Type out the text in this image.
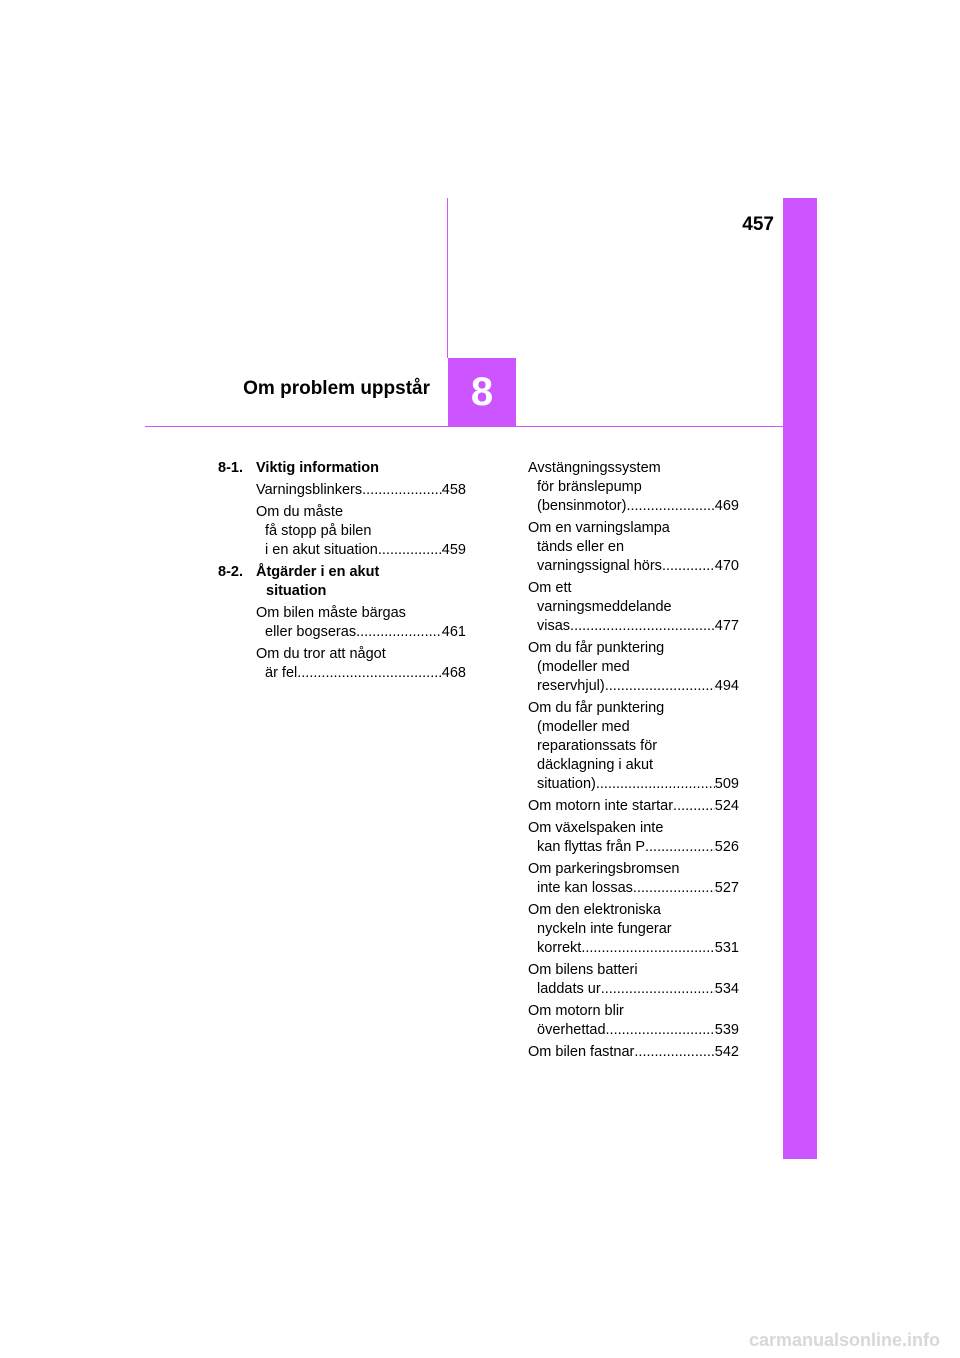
457
8
Om problem uppstår
8-1. Viktig information
Varningsblinkers .....	458
Om du måste
få stopp på bilen
i en akut situation .....	459
8-2. Åtgärder i en akut
situation
Om bilen måste bärgas
eller bogseras .....	461
Om du tror att något
är fel .....	468
Avstängningssystem
för bränslepump
(bensinmotor) .....	469
Om en varningslampa
tänds eller en
varningssignal hörs .....	470
Om ett
varningsmeddelande
visas .....	477
Om du får punktering
(modeller med
reservhjul) .....	494
Om du får punktering
(modeller med
reparationssats för
däcklagning i akut
situation) .....	509
Om motorn inte startar .....	524
Om växelspaken inte
kan flyttas från P .....	526
Om parkeringsbromsen
inte kan lossas .....	527
Om den elektroniska
nyckeln inte fungerar
korrekt. .....	531
Om bilens batteri
laddats ur .....	534
Om motorn blir
överhettad .....	539
Om bilen fastnar .....	542
carmanualsonline.info
